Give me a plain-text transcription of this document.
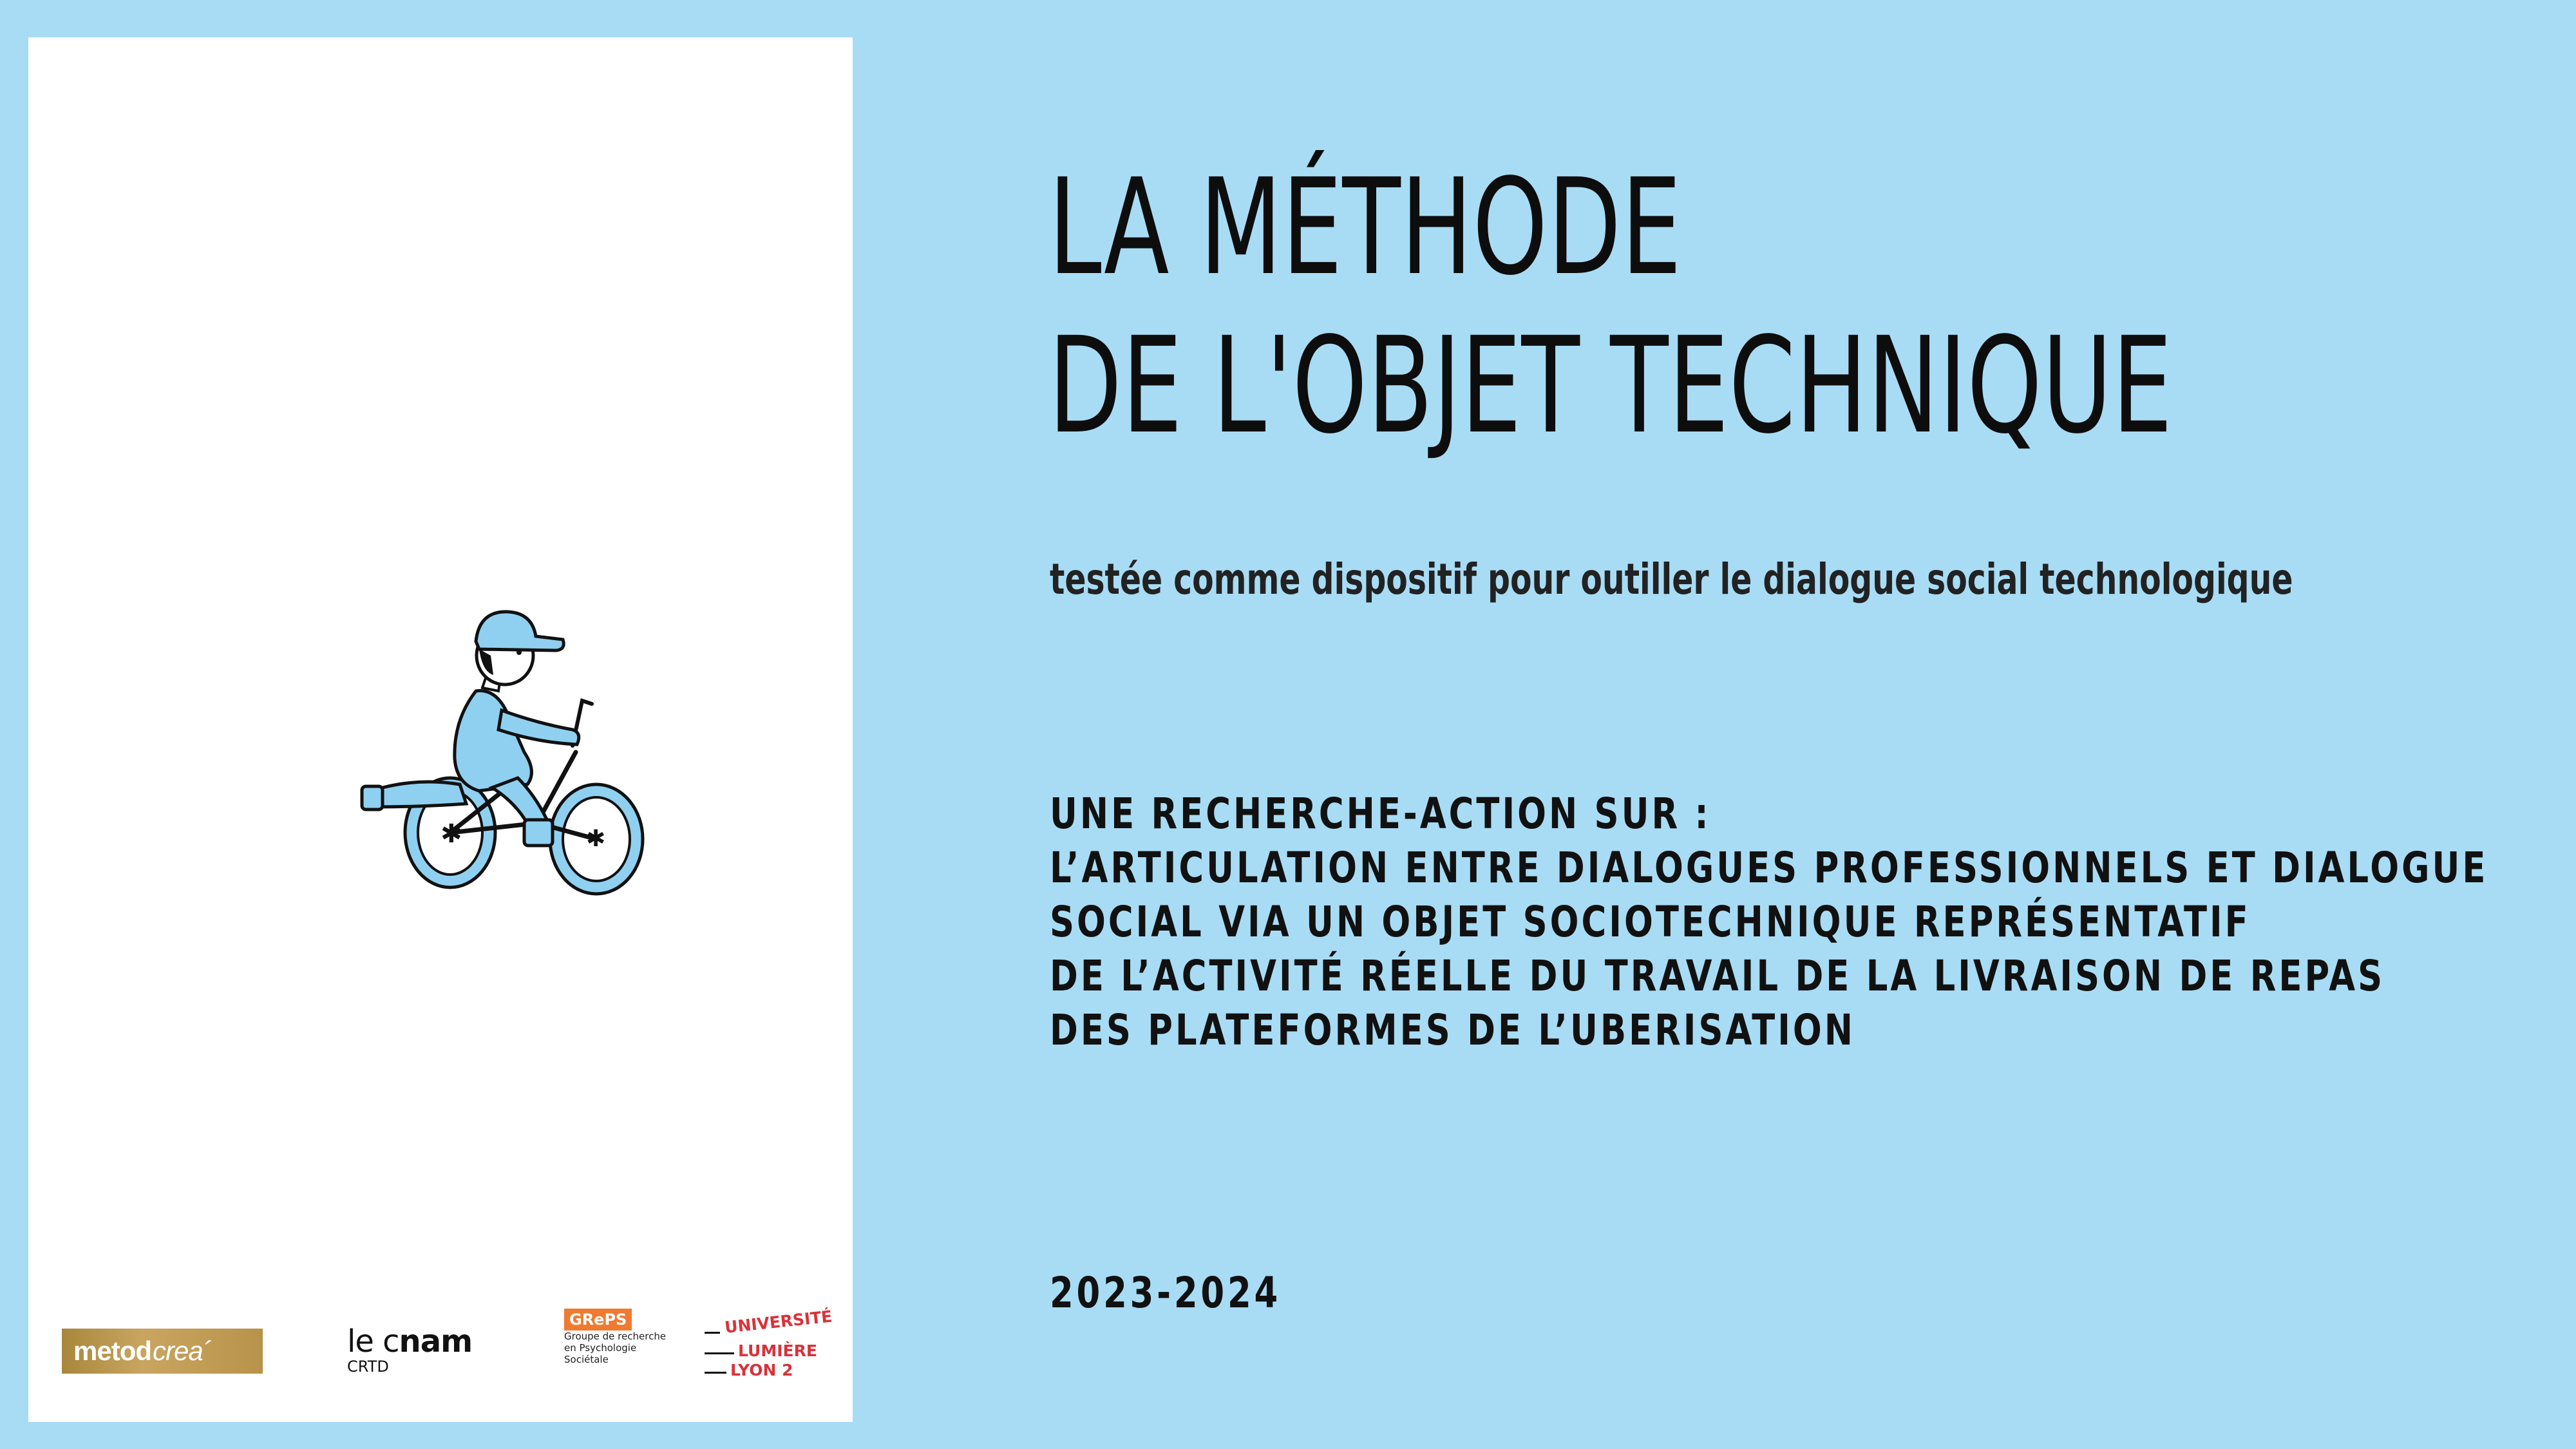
✱	✱
metod crea´	le cnam
CRTD
GRePS
Groupe de recherche
en Psychologie
Sociétale
UNIVERSITÉ
LUMIÈRE
LYON 2
LA MÉTHODE
DE L'OBJET TECHNIQUE
testée comme dispositif pour outiller le dialogue social technologique
UNE RECHERCHE-ACTION SUR :
L’ARTICULATION ENTRE DIALOGUES PROFESSIONNELS ET DIALOGUE
SOCIAL VIA UN OBJET SOCIOTECHNIQUE REPRÉSENTATIF
DE L’ACTIVITÉ RÉELLE DU TRAVAIL DE LA LIVRAISON DE REPAS
DES PLATEFORMES DE L’UBERISATION
2023-2024
